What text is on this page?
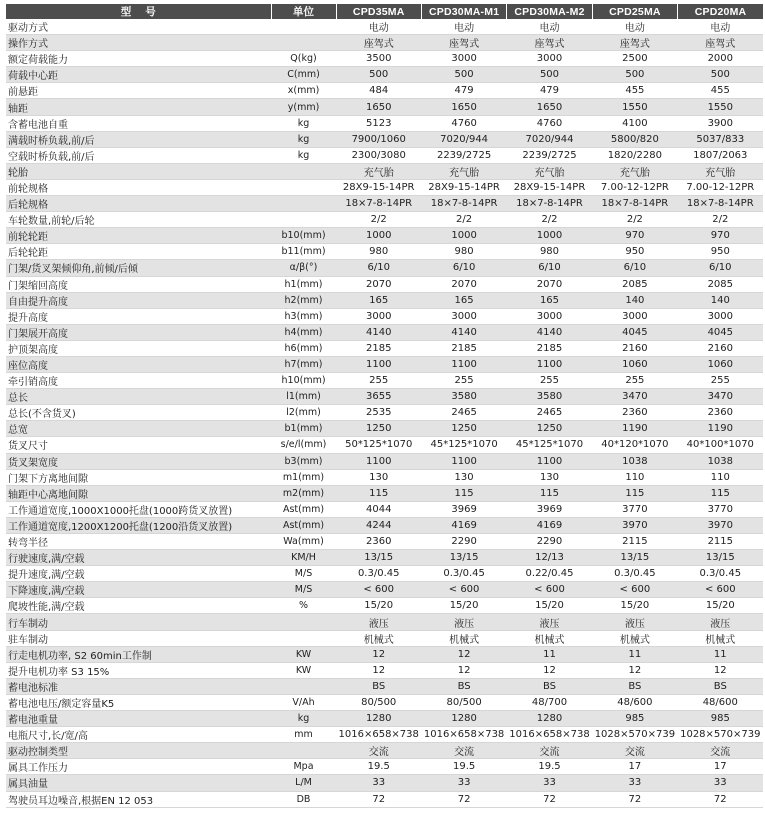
型号	单位	CPD35MA	CPD30MA-M1	CPD30MA-M2	CPD25MA	CPD20MA
驱动方式		电动	电动	电动	电动	电动
操作方式		座驾式	座驾式	座驾式	座驾式	座驾式
额定荷载能力	Q(kg)	3500	3000	3000	2500	2000
荷载中心距	C(mm)	500	500	500	500	500
前悬距	x(mm)	484	479	479	455	455
轴距	y(mm)	1650	1650	1650	1550	1550
含蓄电池自重	kg	5123	4760	4760	4100	3900
满载时桥负载,前/后	kg	7900/1060	7020/944	7020/944	5800/820	5037/833
空载时桥负载,前/后	kg	2300/3080	2239/2725	2239/2725	1820/2280	1807/2063
轮胎		充气胎	充气胎	充气胎	充气胎	充气胎
前轮规格		28X9-15-14PR	28X9-15-14PR	28X9-15-14PR	7.00-12-12PR	7.00-12-12PR
后轮规格		18×7-8-14PR	18×7-8-14PR	18×7-8-14PR	18×7-8-14PR	18×7-8-14PR
车轮数量,前轮/后轮		2/2	2/2	2/2	2/2	2/2
前轮轮距	b10(mm)	1000	1000	1000	970	970
后轮轮距	b11(mm)	980	980	980	950	950
门架/货叉架倾仰角,前倾/后倾	α/β(°)	6/10	6/10	6/10	6/10	6/10
门架缩回高度	h1(mm)	2070	2070	2070	2085	2085
自由提升高度	h2(mm)	165	165	165	140	140
提升高度	h3(mm)	3000	3000	3000	3000	3000
门架展开高度	h4(mm)	4140	4140	4140	4045	4045
护顶架高度	h6(mm)	2185	2185	2185	2160	2160
座位高度	h7(mm)	1100	1100	1100	1060	1060
牵引销高度	h10(mm)	255	255	255	255	255
总长	l1(mm)	3655	3580	3580	3470	3470
总长(不含货叉)	l2(mm)	2535	2465	2465	2360	2360
总宽	b1(mm)	1250	1250	1250	1190	1190
货叉尺寸	s/e/l(mm)	50*125*1070	45*125*1070	45*125*1070	40*120*1070	40*100*1070
货叉架宽度	b3(mm)	1100	1100	1100	1038	1038
门架下方离地间隙	m1(mm)	130	130	130	110	110
轴距中心离地间隙	m2(mm)	115	115	115	115	115
工作通道宽度,1000X1000托盘(1000跨货叉放置)	Ast(mm)	4044	3969	3969	3770	3770
工作通道宽度,1200X1200托盘(1200沿货叉放置)	Ast(mm)	4244	4169	4169	3970	3970
转弯半径	Wa(mm)	2360	2290	2290	2115	2115
行驶速度,满/空载	KM/H	13/15	13/15	12/13	13/15	13/15
提升速度,满/空载	M/S	0.3/0.45	0.3/0.45	0.22/0.45	0.3/0.45	0.3/0.45
下降速度,满/空载	M/S	< 600	< 600	< 600	< 600	< 600
爬坡性能,满/空载	%	15/20	15/20	15/20	15/20	15/20
行车制动		液压	液压	液压	液压	液压
驻车制动		机械式	机械式	机械式	机械式	机械式
行走电机功率, S2 60min工作制	KW	12	12	11	11	11
提升电机功率 S3 15%	KW	12	12	12	12	12
蓄电池标准		BS	BS	BS	BS	BS
蓄电池电压/额定容量K5	V/Ah	80/500	80/500	48/700	48/600	48/600
蓄电池重量	kg	1280	1280	1280	985	985
电瓶尺寸,长/宽/高	mm	1016×658×738	1016×658×738	1016×658×738	1028×570×739	1028×570×739
驱动控制类型		交流	交流	交流	交流	交流
属具工作压力	Mpa	19.5	19.5	19.5	17	17
属具油量	L/M	33	33	33	33	33
驾驶员耳边噪音,根据EN 12 053	DB	72	72	72	72	72
